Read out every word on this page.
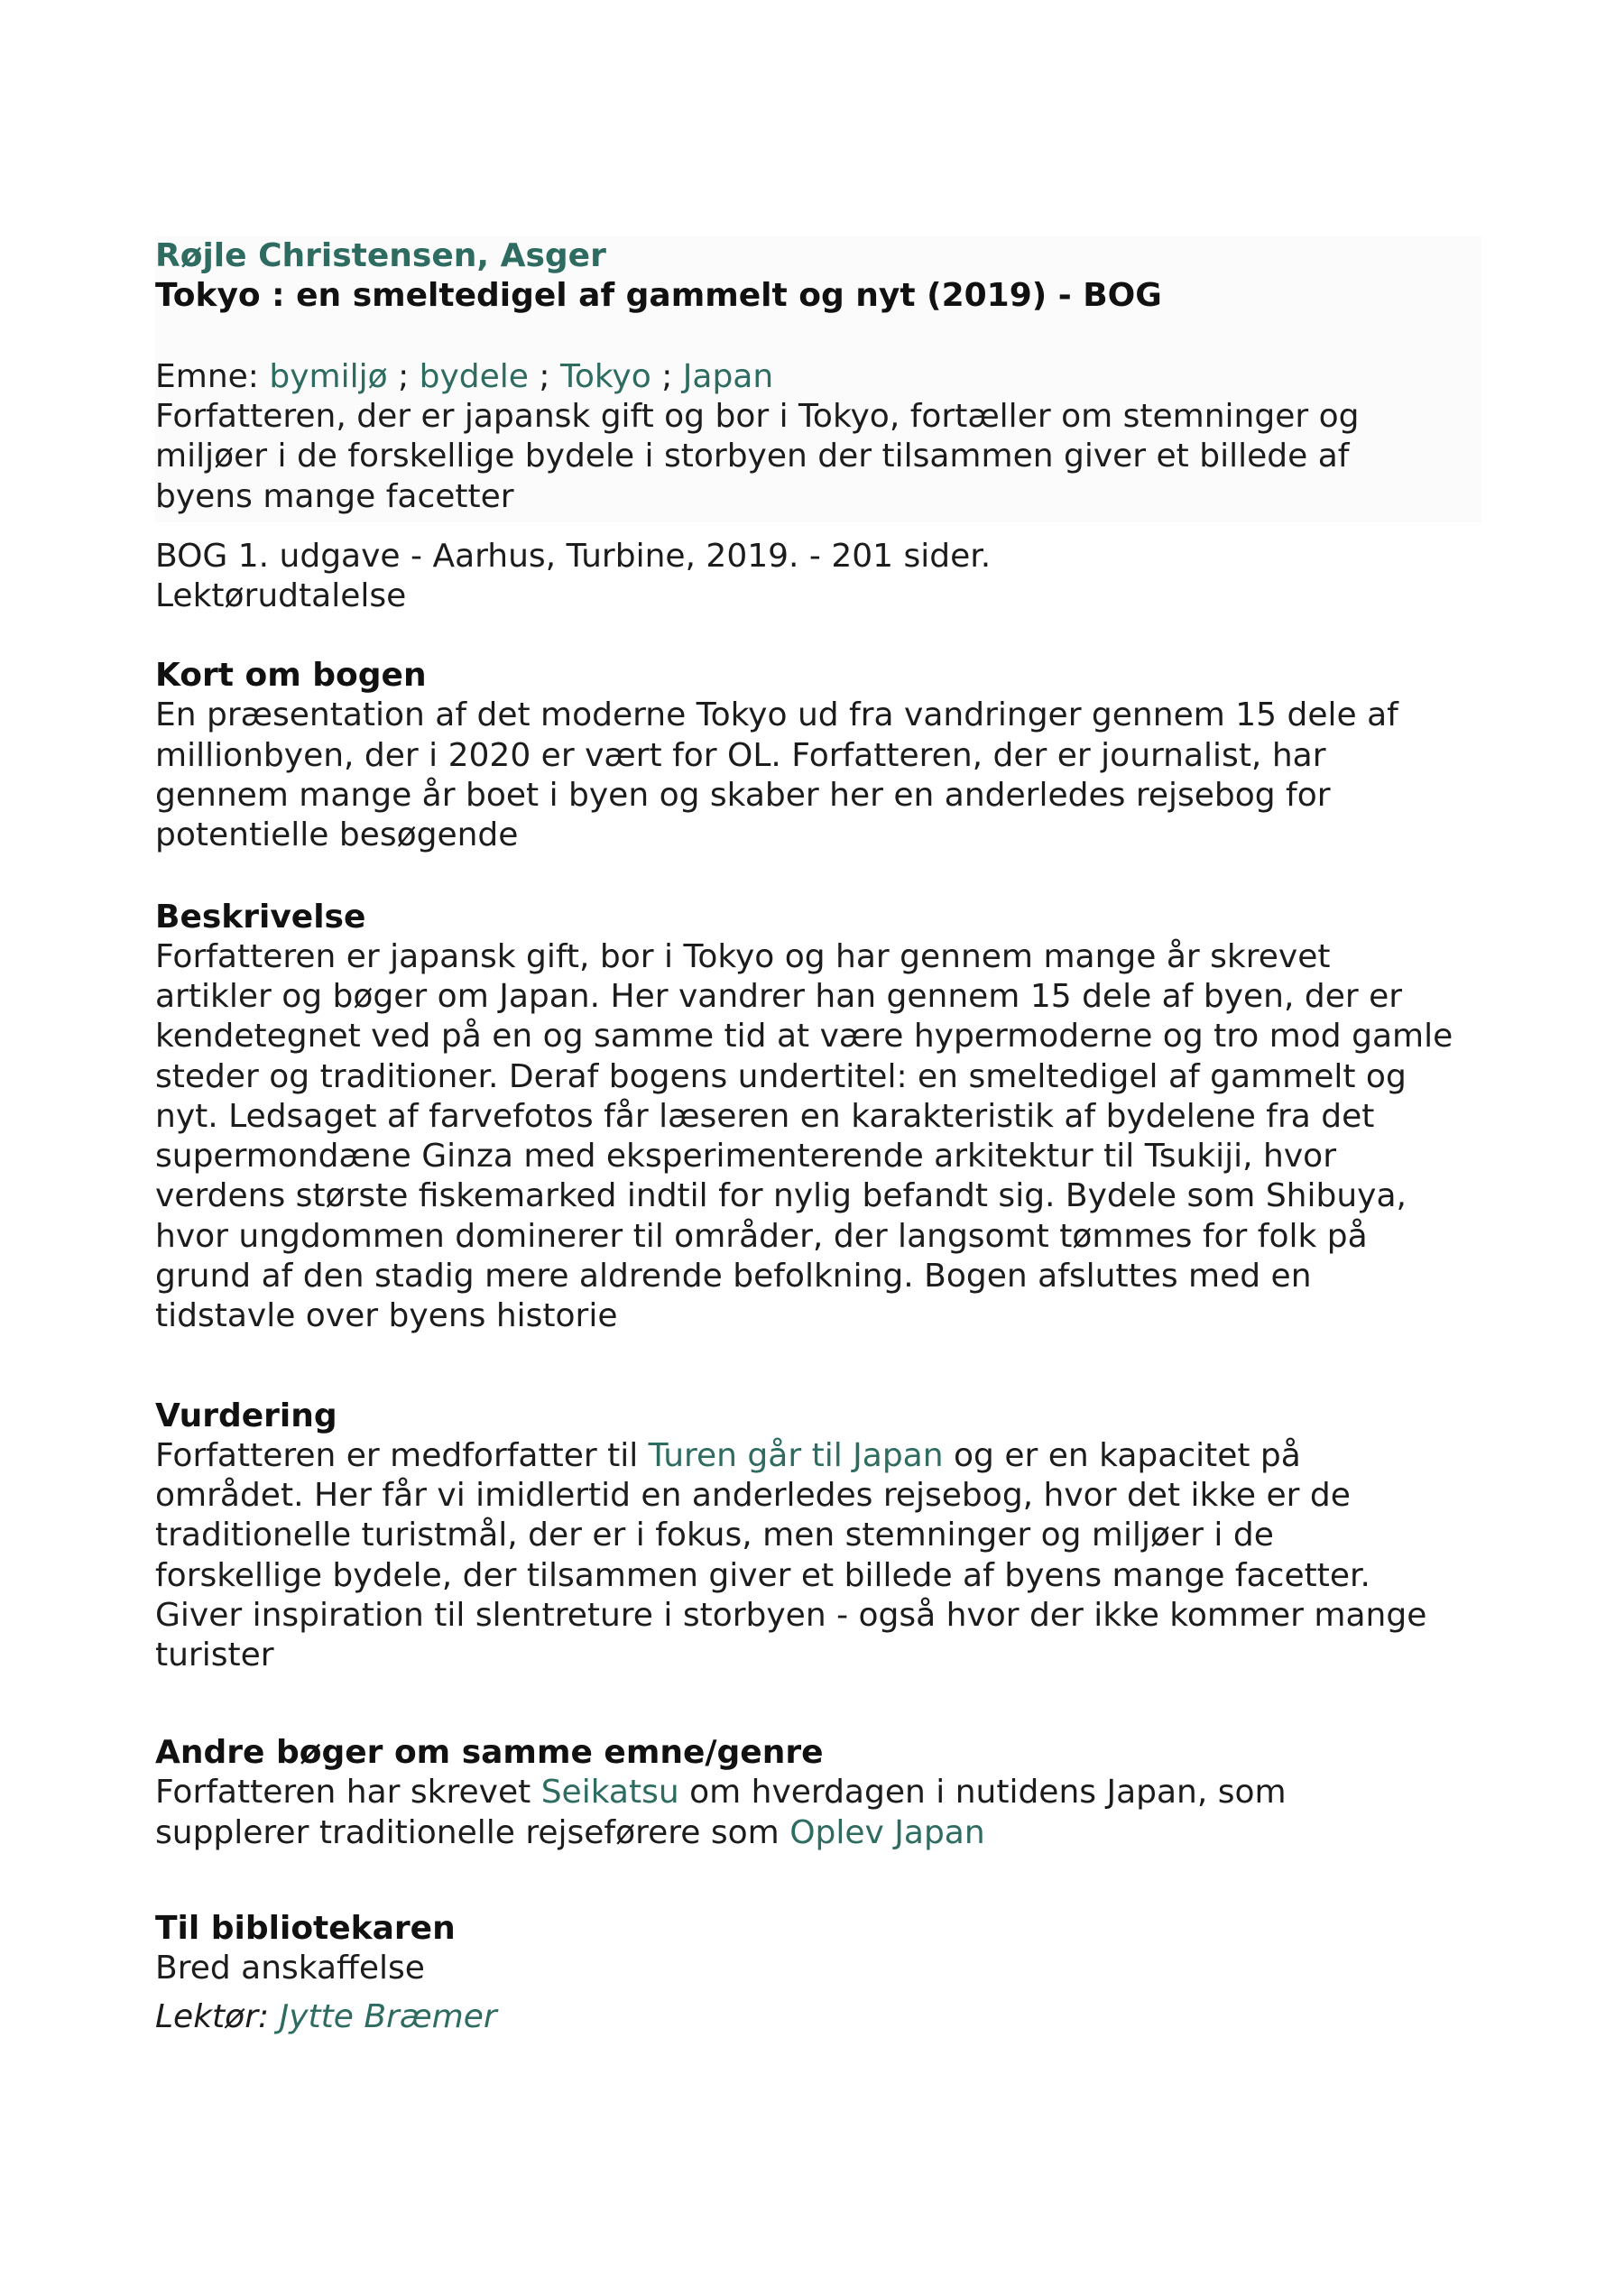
Røjle Christensen, Asger
Tokyo : en smeltedigel af gammelt og nyt (2019) - BOG
Emne: bymiljø ; bydele ; Tokyo ; Japan
Forfatteren, der er japansk gift og bor i Tokyo, fortæller om stemninger og
miljøer i de forskellige bydele i storbyen der tilsammen giver et billede af
byens mange facetter
BOG 1. udgave - Aarhus, Turbine, 2019. - 201 sider.
Lektørudtalelse
Kort om bogen
En præsentation af det moderne Tokyo ud fra vandringer gennem 15 dele af
millionbyen, der i 2020 er vært for OL. Forfatteren, der er journalist, har
gennem mange år boet i byen og skaber her en anderledes rejsebog for
potentielle besøgende
Beskrivelse
Forfatteren er japansk gift, bor i Tokyo og har gennem mange år skrevet
artikler og bøger om Japan. Her vandrer han gennem 15 dele af byen, der er
kendetegnet ved på en og samme tid at være hypermoderne og tro mod gamle
steder og traditioner. Deraf bogens undertitel: en smeltedigel af gammelt og
nyt. Ledsaget af farvefotos får læseren en karakteristik af bydelene fra det
supermondæne Ginza med eksperimenterende arkitektur til Tsukiji, hvor
verdens største fiskemarked indtil for nylig befandt sig. Bydele som Shibuya,
hvor ungdommen dominerer til områder, der langsomt tømmes for folk på
grund af den stadig mere aldrende befolkning. Bogen afsluttes med en
tidstavle over byens historie
Vurdering
Forfatteren er medforfatter til Turen går til Japan og er en kapacitet på
området. Her får vi imidlertid en anderledes rejsebog, hvor det ikke er de
traditionelle turistmål, der er i fokus, men stemninger og miljøer i de
forskellige bydele, der tilsammen giver et billede af byens mange facetter.
Giver inspiration til slentreture i storbyen - også hvor der ikke kommer mange
turister
Andre bøger om samme emne/genre
Forfatteren har skrevet Seikatsu om hverdagen i nutidens Japan, som
supplerer traditionelle rejseførere som Oplev Japan
Til bibliotekaren
Bred anskaffelse
Lektør: Jytte Bræmer
